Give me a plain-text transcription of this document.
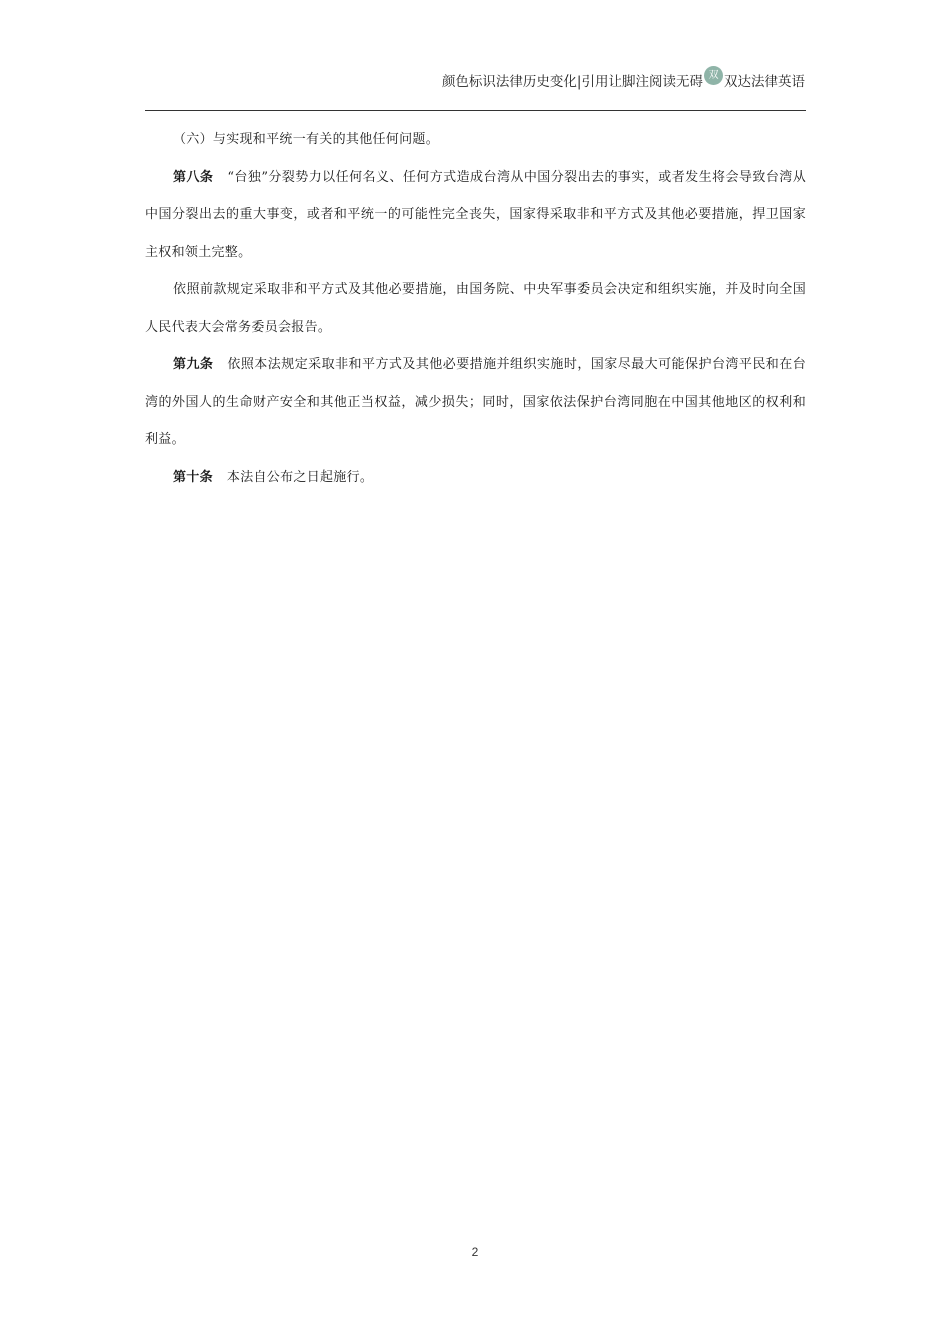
颜色标识法律历史变化|引用让脚注阅读无碍 双 双达法律英语

（六）与实现和平统一有关的其他任何问题。

第八条 “台独”分裂势力以任何名义、任何方式造成台湾从中国分裂出去的事实，或者发生将会导致台湾从中国分裂出去的重大事变，或者和平统一的可能性完全丧失，国家得采取非和平方式及其他必要措施，捍卫国家主权和领土完整。

依照前款规定采取非和平方式及其他必要措施，由国务院、中央军事委员会决定和组织实施，并及时向全国人民代表大会常务委员会报告。

第九条 依照本法规定采取非和平方式及其他必要措施并组织实施时，国家尽最大可能保护台湾平民和在台湾的外国人的生命财产安全和其他正当权益，减少损失；同时，国家依法保护台湾同胞在中国其他地区的权利和利益。

第十条 本法自公布之日起施行。

2
